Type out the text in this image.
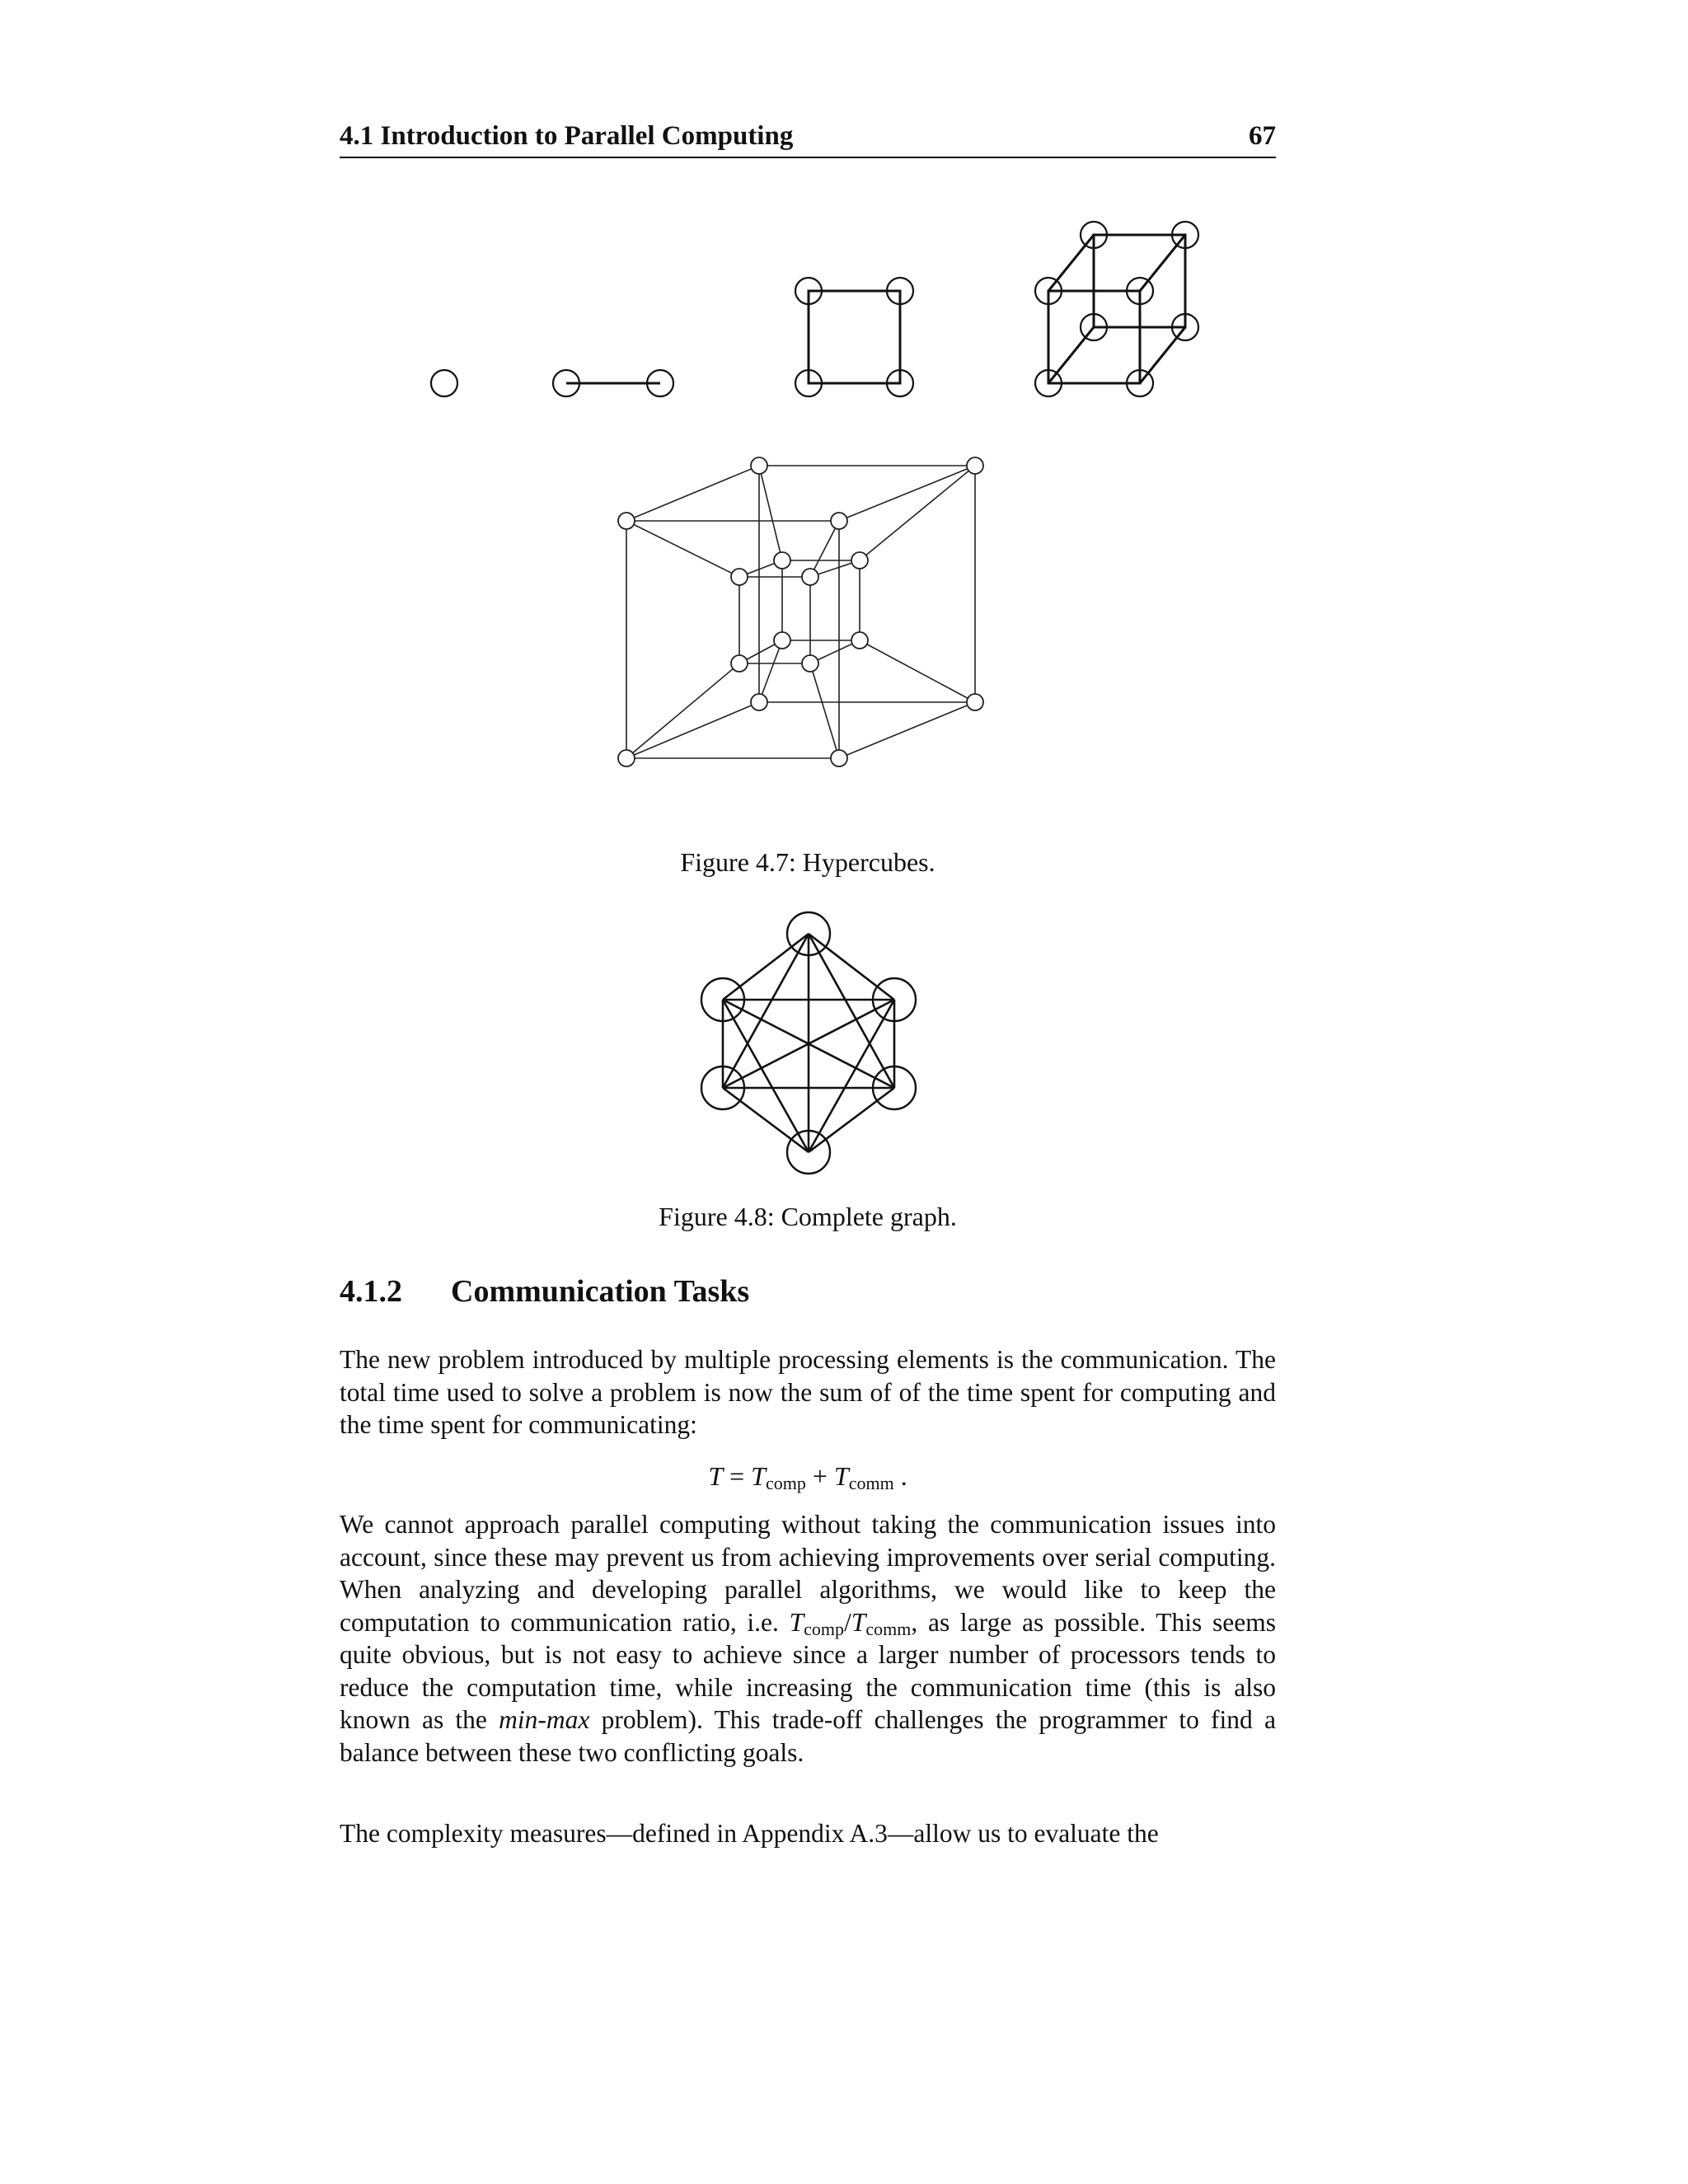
4.1 Introduction to Parallel Computing	67
Figure 4.7: Hypercubes.
Figure 4.8: Complete graph.
4.1.2 Communication Tasks

The new problem introduced by multiple processing elements is the communication. The total time used to solve a problem is now the sum of of the time spent for computing and the time spent for communicating:

$T = T_{comp} + T_{comm}$ .

We cannot approach parallel computing without taking the communication issues into account, since these may prevent us from achieving improvements over serial computing. When analyzing and developing parallel algorithms, we would like to keep the computation to communication ratio, i.e. $T_{comp}/T_{comm}$, as large as possible. This seems quite obvious, but is not easy to achieve since a larger number of processors tends to reduce the computation time, while increasing the communication time (this is also known as the min-max problem). This trade-off challenges the programmer to find a balance between these two conflicting goals.

The complexity measures—defined in Appendix A.3—allow us to evaluate the
